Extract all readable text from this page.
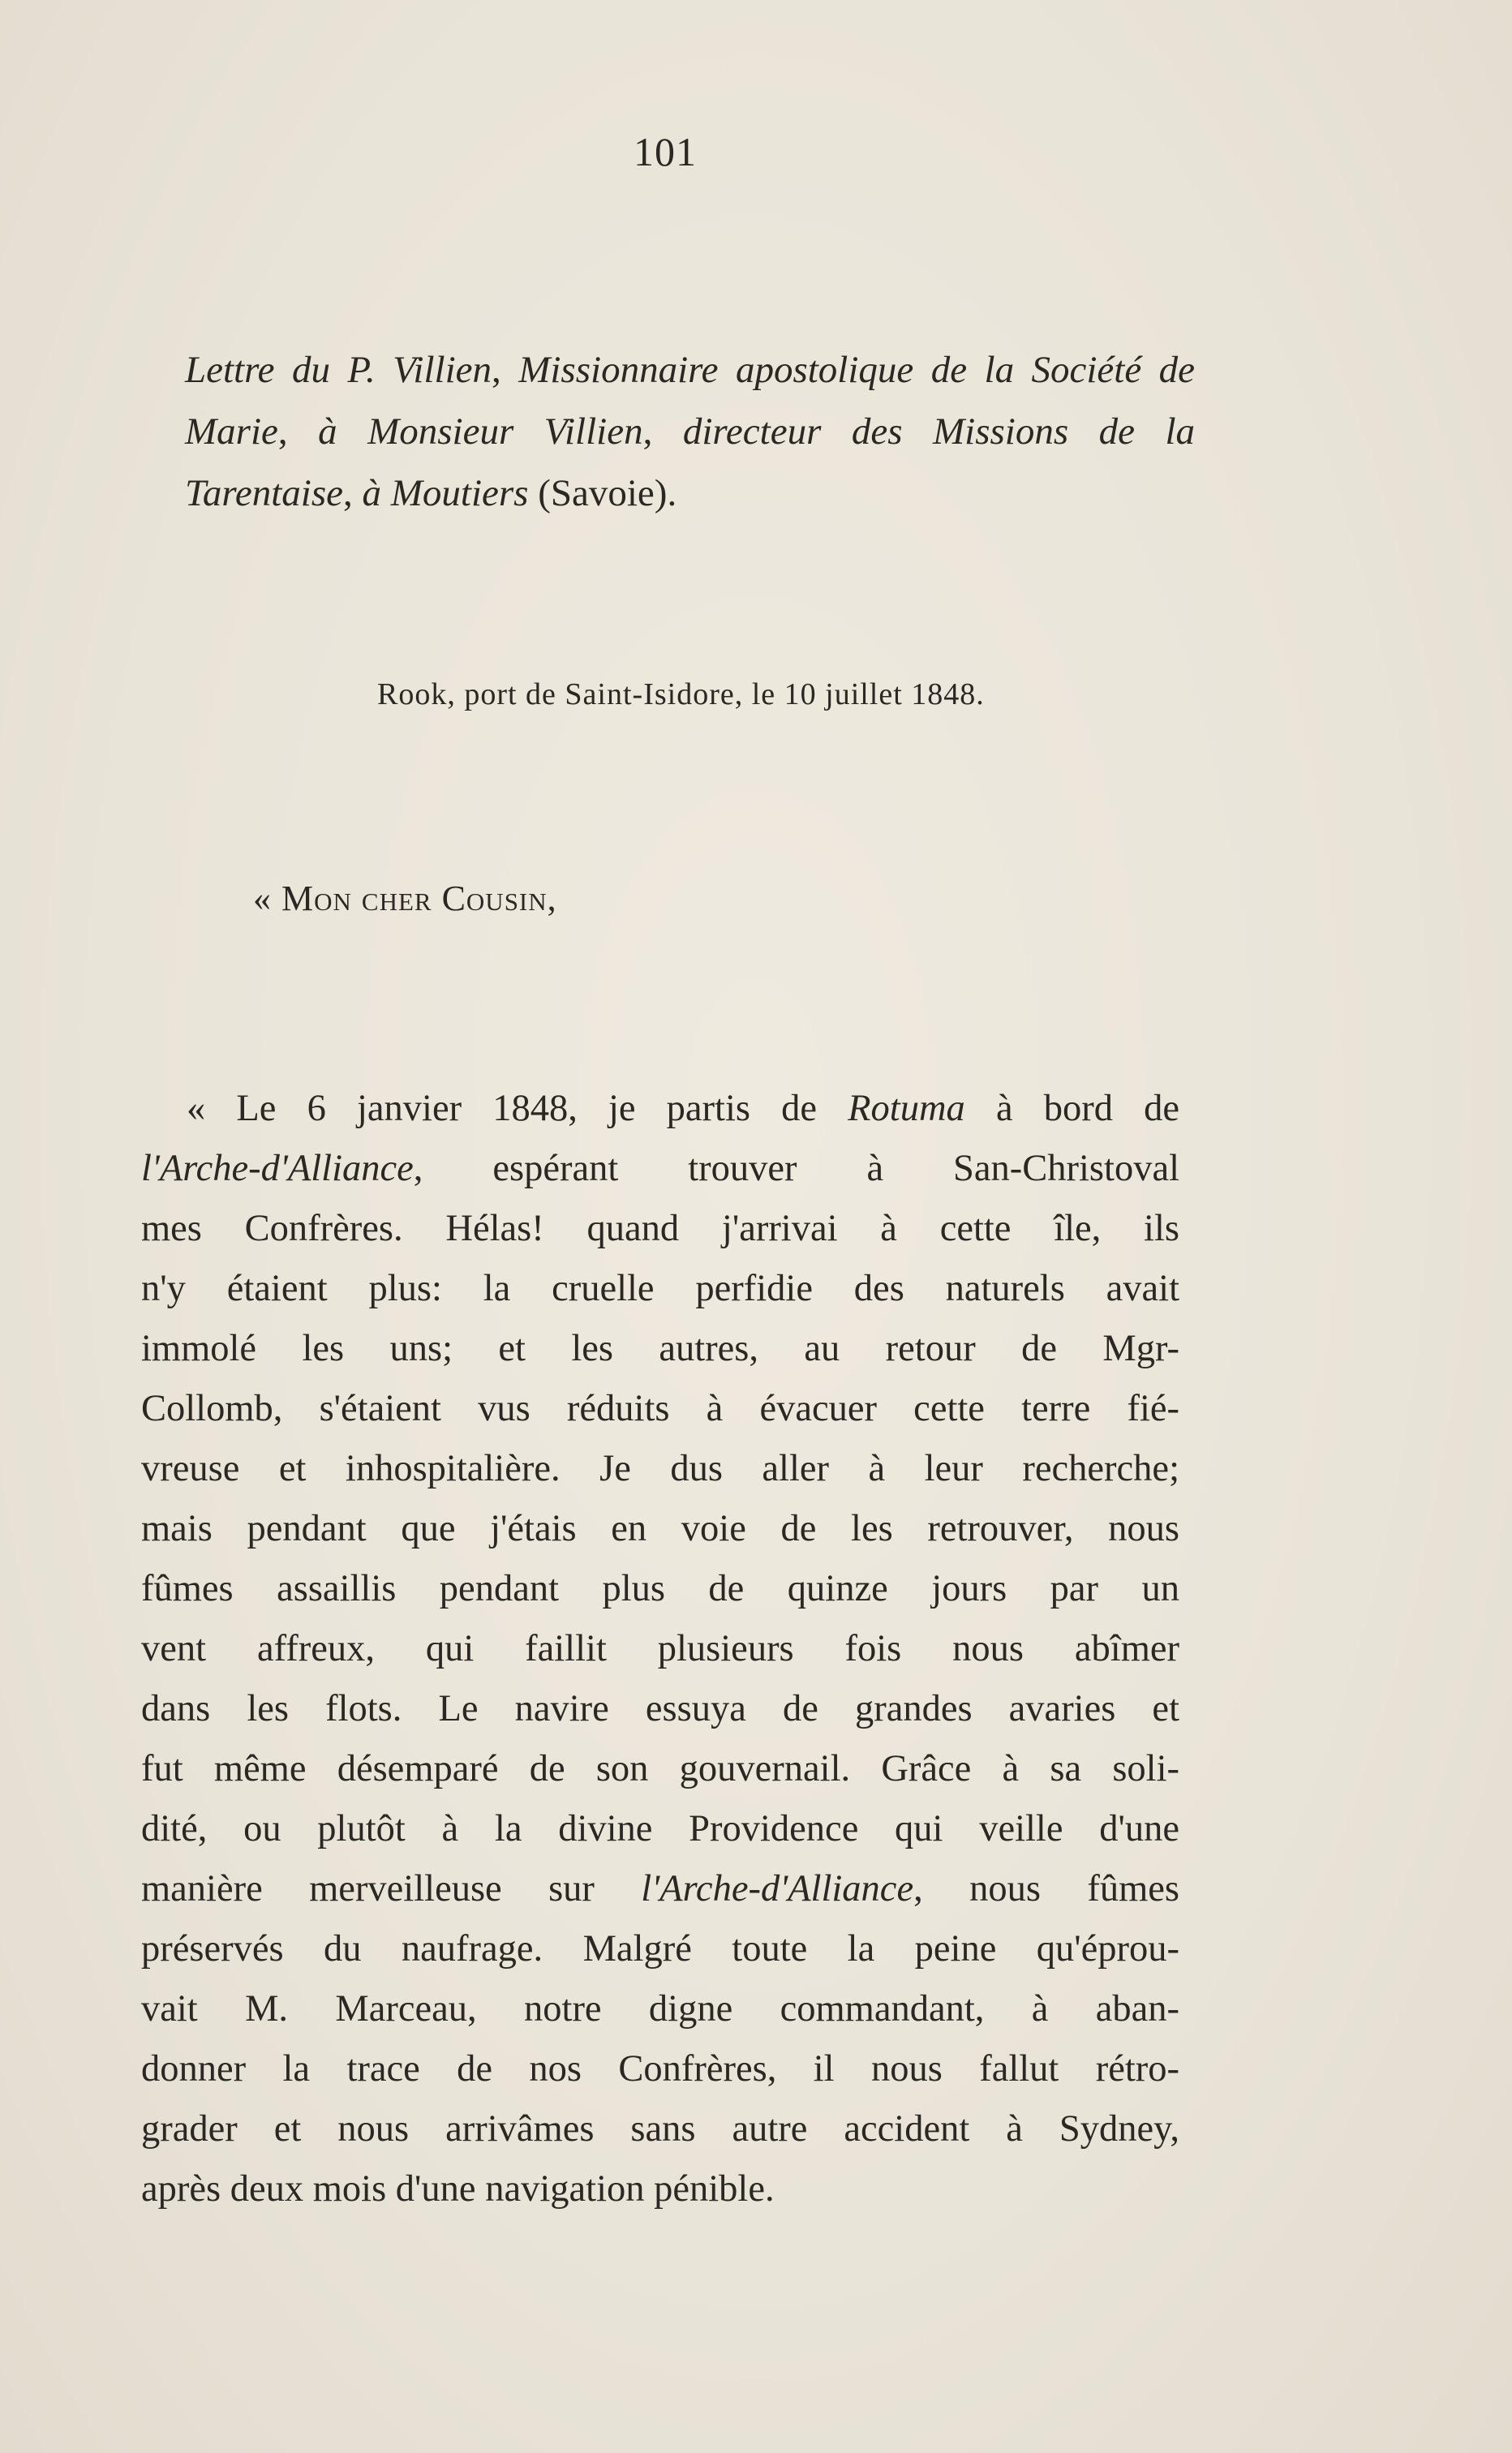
101
Lettre du P. Villien, Missionnaire apostolique de la Société de Marie, à Monsieur Villien, directeur des Missions de la Tarentaise, à Moutiers (Savoie).
Rook, port de Saint-Isidore, le 10 juillet 1848.
« Mon cher Cousin,
« Le 6 janvier 1848, je partis de Rotuma à bord de
l'Arche-d'Alliance, espérant trouver à San-Christoval
mes Confrères. Hélas! quand j'arrivai à cette île, ils
n'y étaient plus: la cruelle perfidie des naturels avait
immolé les uns; et les autres, au retour de Mgr-
Collomb, s'étaient vus réduits à évacuer cette terre fié-
vreuse et inhospitalière. Je dus aller à leur recherche;
mais pendant que j'étais en voie de les retrouver, nous
fûmes assaillis pendant plus de quinze jours par un
vent affreux, qui faillit plusieurs fois nous abîmer
dans les flots. Le navire essuya de grandes avaries et
fut même désemparé de son gouvernail. Grâce à sa soli-
dité, ou plutôt à la divine Providence qui veille d'une
manière merveilleuse sur l'Arche-d'Alliance, nous fûmes
préservés du naufrage. Malgré toute la peine qu'éprou-
vait M. Marceau, notre digne commandant, à aban-
donner la trace de nos Confrères, il nous fallut rétro-
grader et nous arrivâmes sans autre accident à Sydney,
après deux mois d'une navigation pénible.
